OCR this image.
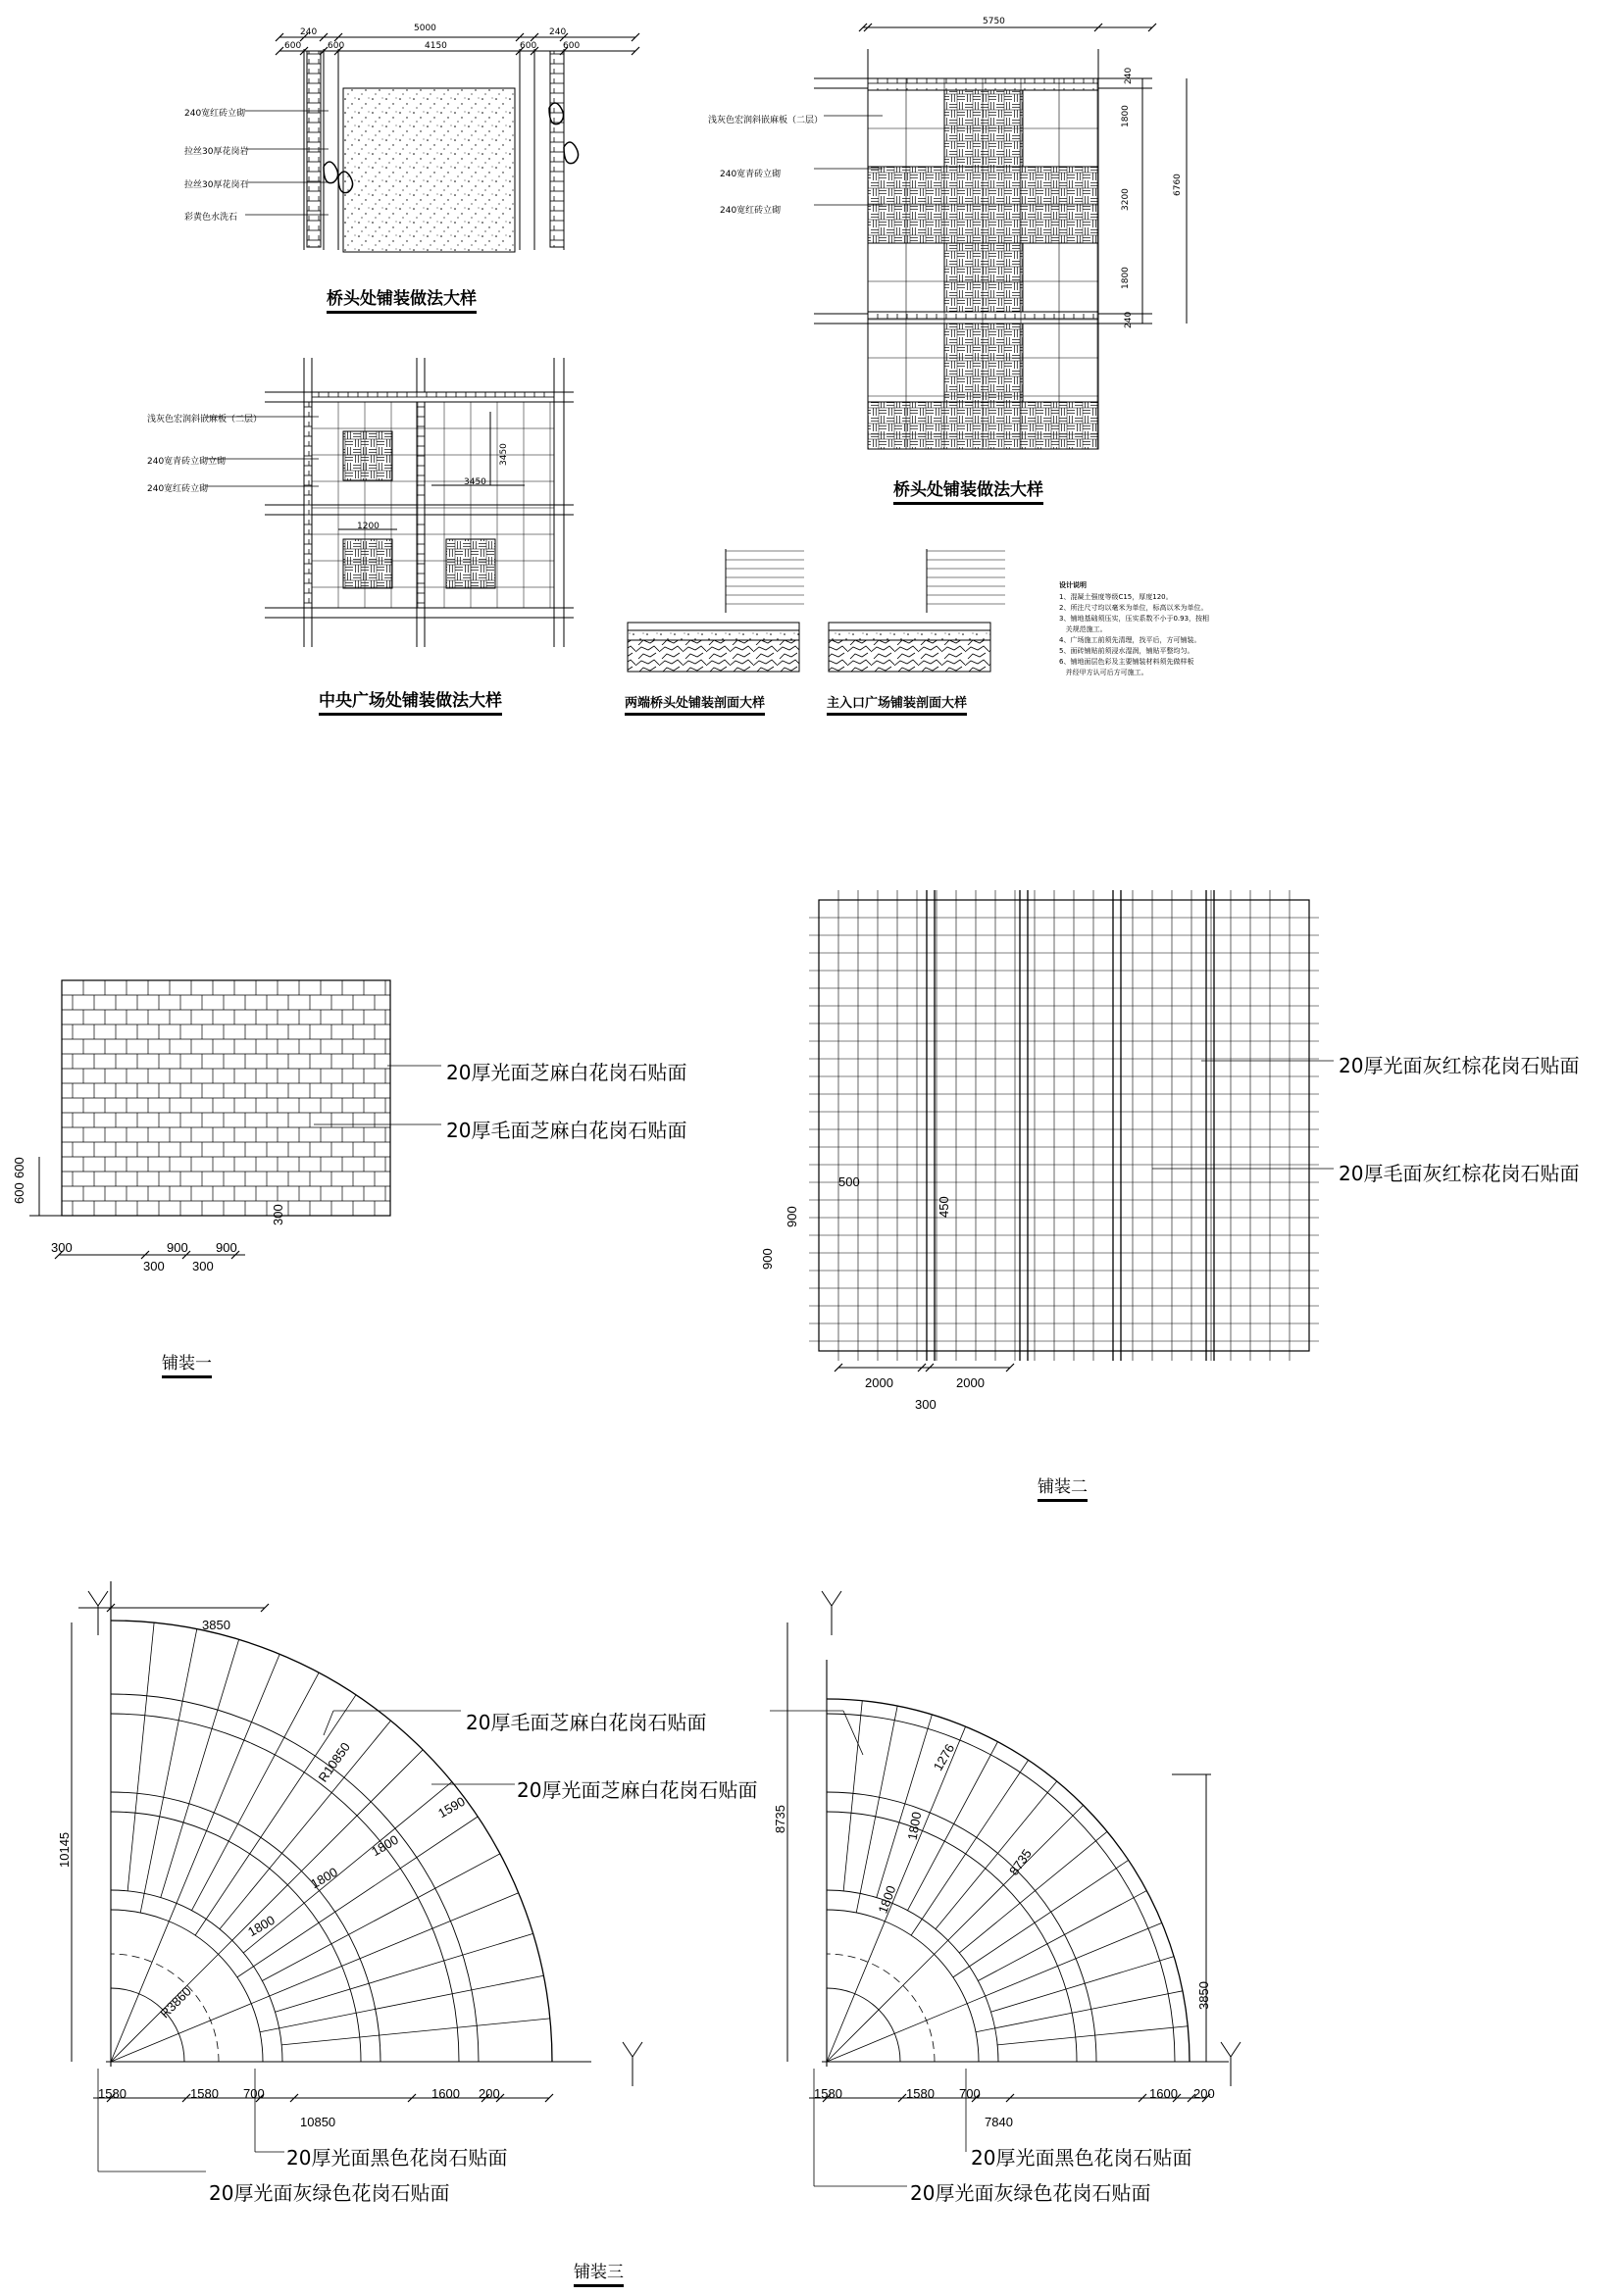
桥头处铺装做法大样
桥头处铺装做法大样
中央广场处铺装做法大样	两端桥头处铺装剖面大样	主入口广场铺装剖面大样
240宽红砖立砌
拉丝30厚花岗岩
拉丝30厚花岗石
彩黄色水洗石
5000
240	240
600	600	4150	600	600
浅灰色宏润斜嵌麻板（二层）
240宽青砖立砌
240宽红砖立砌
5750
6760
1800
3200
1800
240
240
浅灰色宏润斜嵌麻板（二层）
240宽青砖立砌立砌
240宽红砖立砌
3450
3450
1200
设计说明
1、混凝土强度等级C15，厚度120。
2、所注尺寸均以毫米为单位，标高以米为单位。
3、铺地基础须压实，压实系数不小于0.93，按相
关规范施工。
4、广场施工前须先清理，找平后，方可铺装。
5、面砖铺贴前须浸水湿润，铺贴平整均匀。
6、铺地面层色彩及主要铺装材料须先做样板
并经甲方认可后方可施工。
20厚光面芝麻白花岗石贴面
20厚毛面芝麻白花岗石贴面
铺装一
600
600
300
300
300 300
900 900
20厚光面灰红棕花岗石贴面
20厚毛面灰红棕花岗石贴面
铺装二
500
450
900
900
2000	2000
300
20厚毛面芝麻白花岗石贴面
20厚光面芝麻白花岗石贴面
20厚光面黑色花岗石贴面
20厚光面灰绿色花岗石贴面
20厚光面黑色花岗石贴面
20厚光面灰绿色花岗石贴面
铺装三
3850
10145
R10850
R3860
1800
1800
1800
1590
1580	1580 700	1600 200
10850
8735
1276
1800
1800
8735
3850
1580	1580 700	1600 200
7840
